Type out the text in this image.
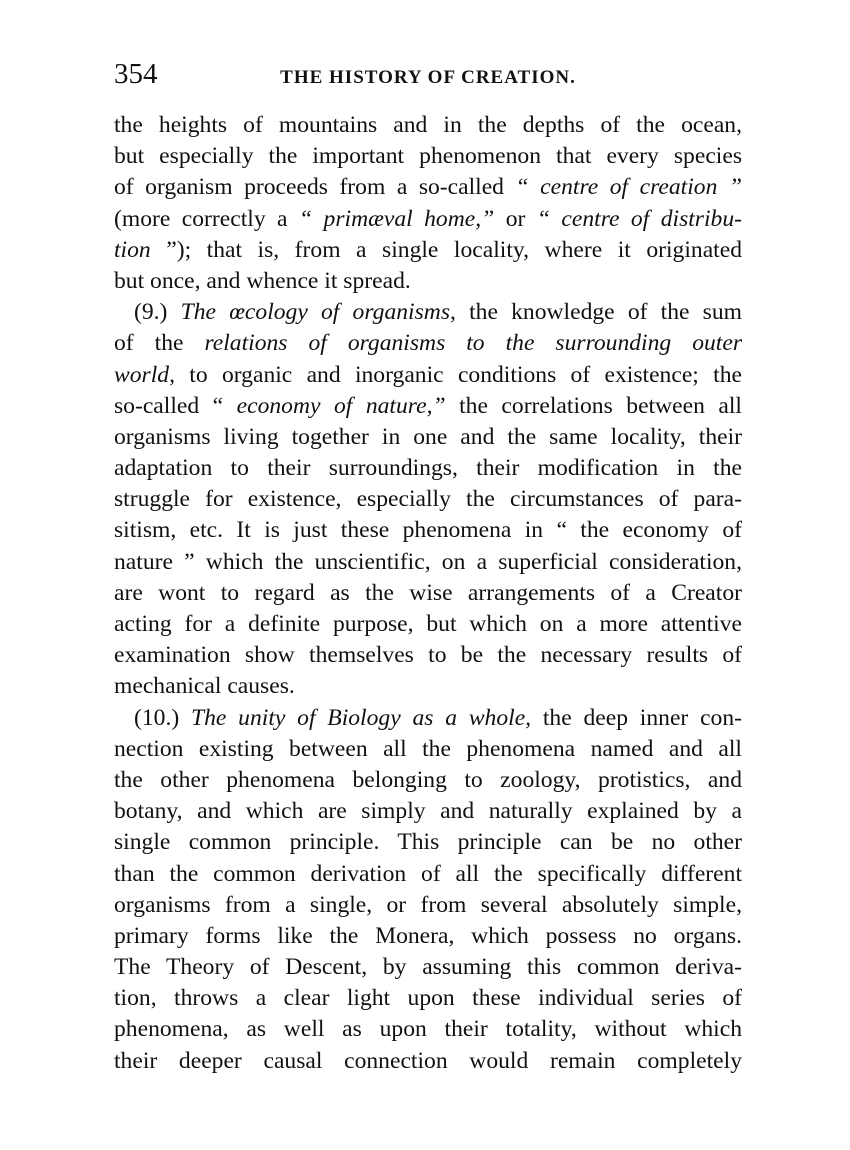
354	THE HISTORY OF CREATION.
the heights of mountains and in the depths of the ocean,
but especially the important phenomenon that every species
of organism proceeds from a so-called “ centre of creation ”
(more correctly a “ primæval home,” or “ centre of distribu-
tion ”); that is, from a single locality, where it originated
but once, and whence it spread.
(9.) The œcology of organisms, the knowledge of the sum
of the relations of organisms to the surrounding outer
world, to organic and inorganic conditions of existence; the
so-called “ economy of nature,” the correlations between all
organisms living together in one and the same locality, their
adaptation to their surroundings, their modification in the
struggle for existence, especially the circumstances of para-
sitism, etc. It is just these phenomena in “ the economy of
nature ” which the unscientific, on a superficial consideration,
are wont to regard as the wise arrangements of a Creator
acting for a definite purpose, but which on a more attentive
examination show themselves to be the necessary results of
mechanical causes.
(10.) The unity of Biology as a whole, the deep inner con-
nection existing between all the phenomena named and all
the other phenomena belonging to zoology, protistics, and
botany, and which are simply and naturally explained by a
single common principle. This principle can be no other
than the common derivation of all the specifically different
organisms from a single, or from several absolutely simple,
primary forms like the Monera, which possess no organs.
The Theory of Descent, by assuming this common deriva-
tion, throws a clear light upon these individual series of
phenomena, as well as upon their totality, without which
their deeper causal connection would remain completely
